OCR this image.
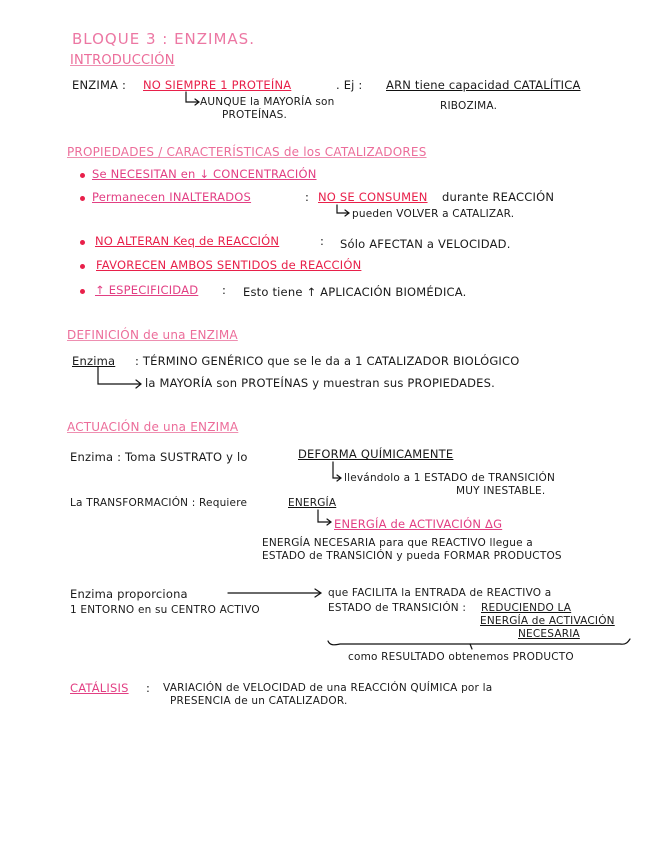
BLOQUE 3 : ENZIMAS.
INTRODUCCIÓN
ENZIMA : NO SIEMPRE 1 PROTEÍNA	. Ej : ARN tiene capacidad CATALÍTICA
AUNQUE la MAYORÍA son
PROTEÍNAS.
RIBOZIMA.
PROPIEDADES / CARACTERÍSTICAS de los CATALIZADORES
Se NECESITAN en ↓ CONCENTRACIÓN
Permanecen INALTERADOS	: NO SE CONSUMEN durante REACCIÓN
pueden VOLVER a CATALIZAR.
NO ALTERAN Keq de REACCIÓN	: Sólo AFECTAN a VELOCIDAD.
FAVORECEN AMBOS SENTIDOS de REACCIÓN
↑ ESPECIFICIDAD : Esto tiene ↑ APLICACIÓN BIOMÉDICA.
DEFINICIÓN de una ENZIMA
Enzima : TÉRMINO GENÉRICO que se le da a 1 CATALIZADOR BIOLÓGICO
la MAYORÍA son PROTEÍNAS y muestran sus PROPIEDADES.
ACTUACIÓN de una ENZIMA
Enzima : Toma SUSTRATO y lo	DEFORMA QUÍMICAMENTE
llevándolo a 1 ESTADO de TRANSICIÓN
MUY INESTABLE.
La TRANSFORMACIÓN : Requiere	ENERGÍA
ENERGÍA de ACTIVACIÓN ΔG
ENERGÍA NECESARIA para que REACTIVO llegue a
ESTADO de TRANSICIÓN y pueda FORMAR PRODUCTOS
Enzima proporciona
1 ENTORNO en su CENTRO ACTIVO
que FACILITA la ENTRADA de REACTIVO a
ESTADO de TRANSICIÓN : REDUCIENDO LA
ENERGÍA de ACTIVACIÓN
NECESARIA
como RESULTADO obtenemos PRODUCTO
CATÁLISIS : VARIACIÓN de VELOCIDAD de una REACCIÓN QUÍMICA por la
PRESENCIA de un CATALIZADOR.
